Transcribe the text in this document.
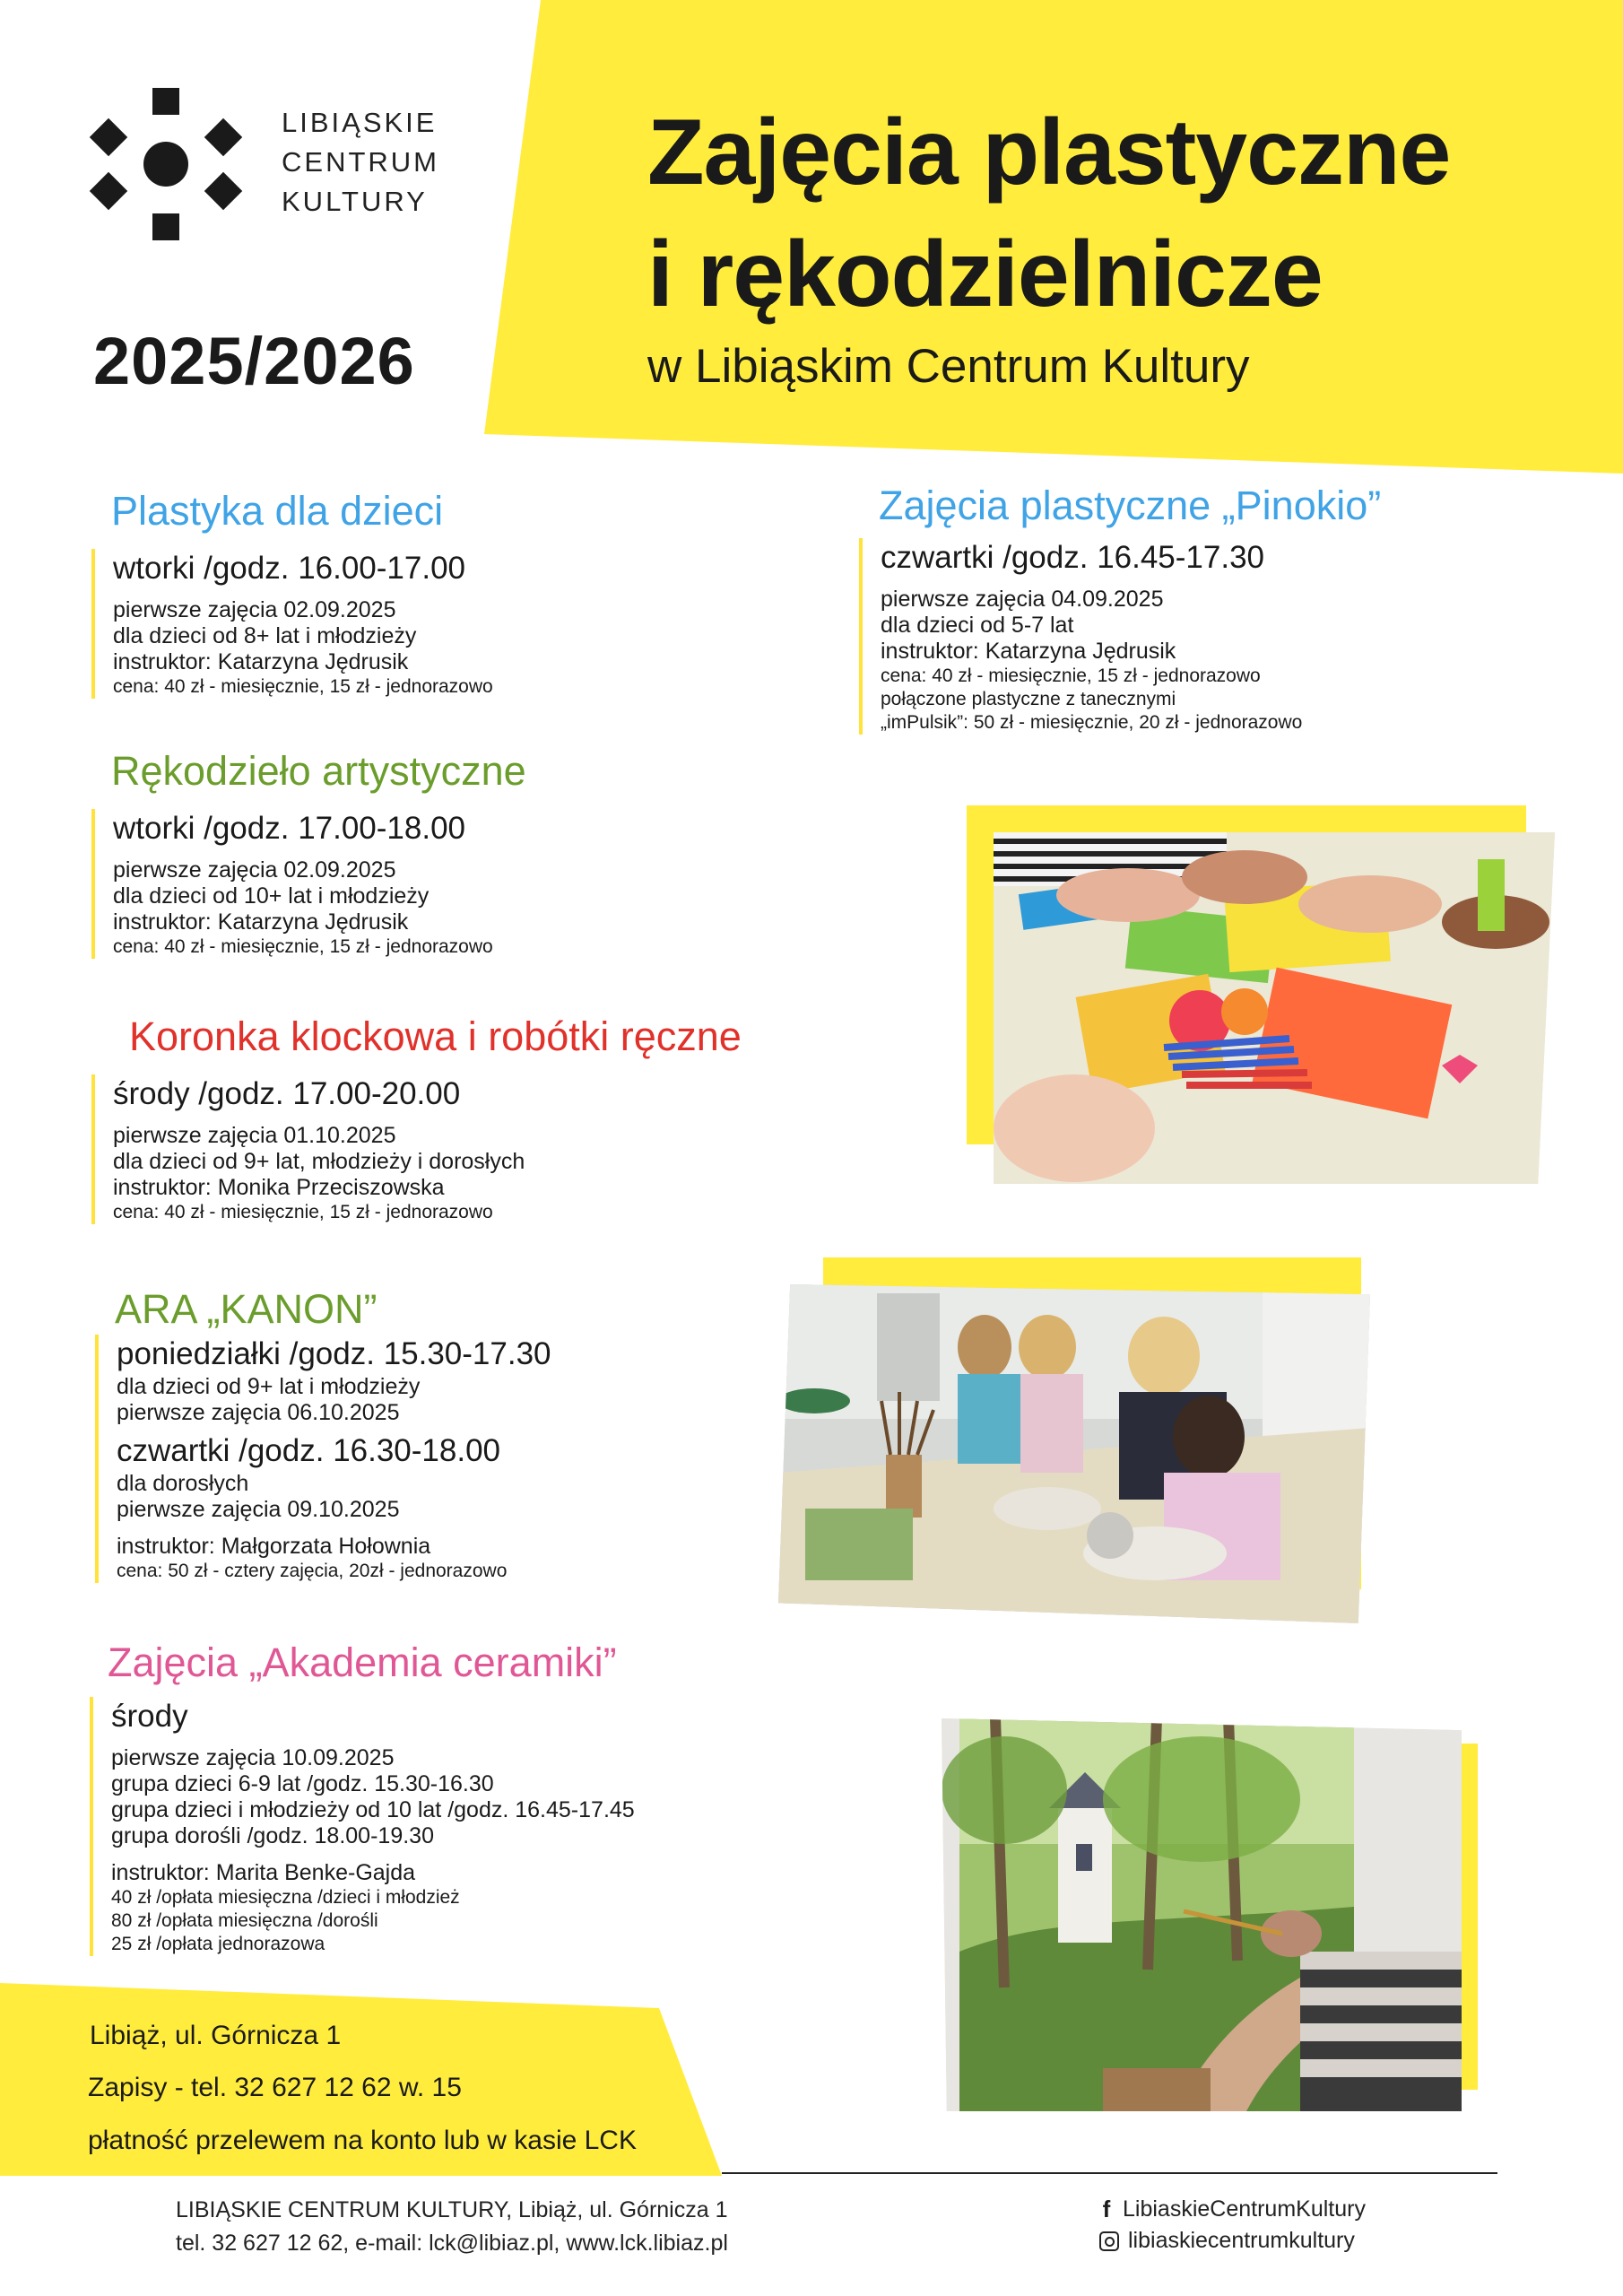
LIBIĄSKIE
CENTRUM
KULTURY
2025/2026
Zajęcia plastyczne
i rękodzielnicze
w Libiąskim Centrum Kultury
Plastyka dla dzieci
wtorki /godz. 16.00-17.00
pierwsze zajęcia 02.09.2025
dla dzieci od 8+ lat i młodzieży
instruktor: Katarzyna Jędrusik
cena: 40 zł - miesięcznie, 15 zł - jednorazowo
Rękodzieło artystyczne
wtorki /godz. 17.00-18.00
pierwsze zajęcia 02.09.2025
dla dzieci od 10+ lat i młodzieży
instruktor: Katarzyna Jędrusik
cena: 40 zł - miesięcznie, 15 zł - jednorazowo
Koronka klockowa i robótki ręczne
środy /godz. 17.00-20.00
pierwsze zajęcia 01.10.2025
dla dzieci od 9+ lat, młodzieży i dorosłych
instruktor: Monika Przeciszowska
cena: 40 zł - miesięcznie, 15 zł - jednorazowo
ARA „KANON”
poniedziałki /godz. 15.30-17.30
dla dzieci od 9+ lat i młodzieży
pierwsze zajęcia 06.10.2025
czwartki /godz. 16.30-18.00
dla dorosłych
pierwsze zajęcia 09.10.2025
instruktor: Małgorzata Hołownia
cena: 50 zł - cztery zajęcia, 20zł - jednorazowo
Zajęcia „Akademia ceramiki”
środy
pierwsze zajęcia 10.09.2025
grupa dzieci 6-9 lat /godz. 15.30-16.30
grupa dzieci i młodzieży od 10 lat /godz. 16.45-17.45
grupa dorośli /godz. 18.00-19.30
instruktor: Marita Benke-Gajda
40 zł /opłata miesięczna /dzieci i młodzież
80 zł /opłata miesięczna /dorośli
25 zł /opłata jednorazowa
Zajęcia plastyczne „Pinokio”
czwartki /godz. 16.45-17.30
pierwsze zajęcia 04.09.2025
dla dzieci od 5-7 lat
instruktor: Katarzyna Jędrusik
cena: 40 zł - miesięcznie, 15 zł - jednorazowo
połączone plastyczne z tanecznymi
„imPulsik”: 50 zł - miesięcznie, 20 zł - jednorazowo
Libiąż, ul. Górnicza 1
Zapisy - tel. 32 627 12 62 w. 15
płatność przelewem na konto lub w kasie LCK
LIBIĄSKIE CENTRUM KULTURY, Libiąż, ul. Górnicza 1
tel. 32 627 12 62, e-mail: lck@libiaz.pl, www.lck.libiaz.pl
f LibiaskieCentrumKultury
libiaskiecentrumkultury
